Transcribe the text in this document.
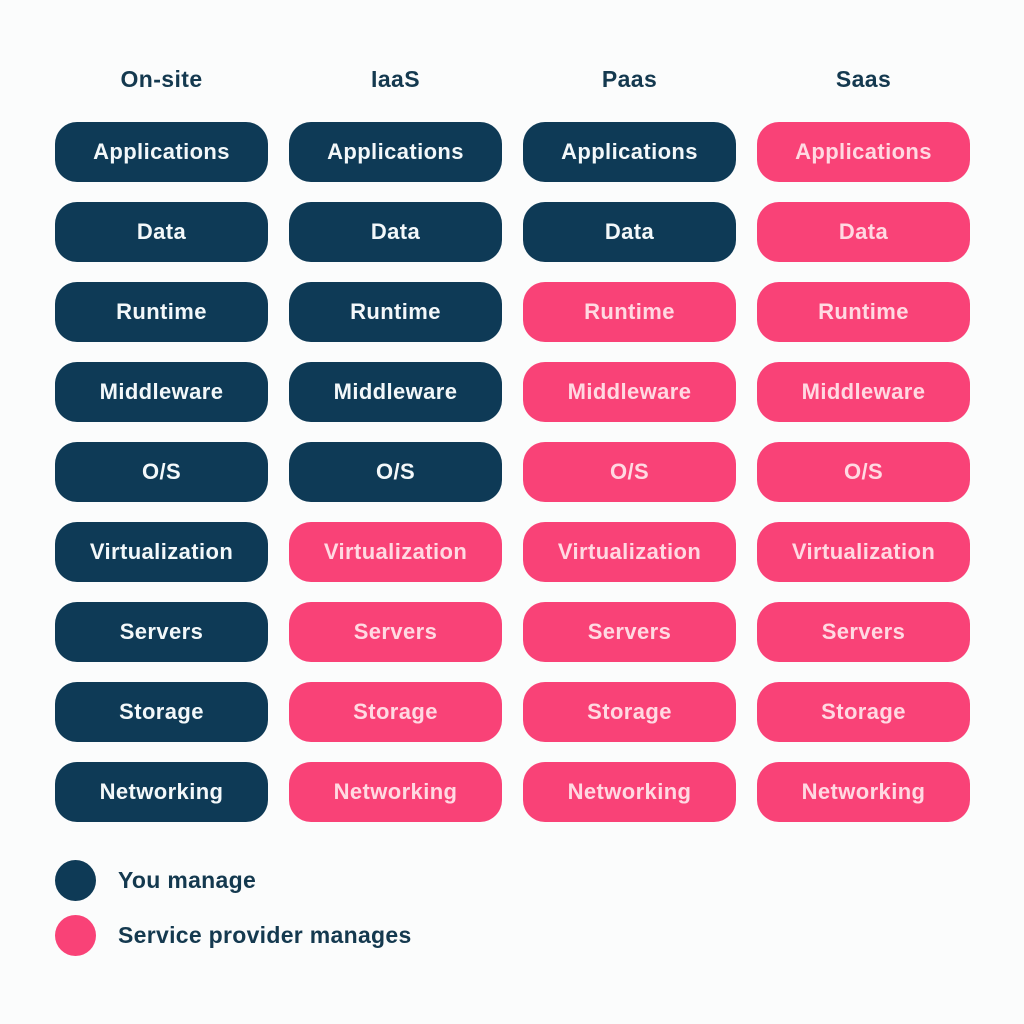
On-site
Applications
Data
Runtime
Middleware
O/S
Virtualization
Servers
Storage
Networking
IaaS
Applications
Data
Runtime
Middleware
O/S
Virtualization
Servers
Storage
Networking
Paas
Applications
Data
Runtime
Middleware
O/S
Virtualization
Servers
Storage
Networking
Saas
Applications
Data
Runtime
Middleware
O/S
Virtualization
Servers
Storage
Networking
You manage
Service provider manages
